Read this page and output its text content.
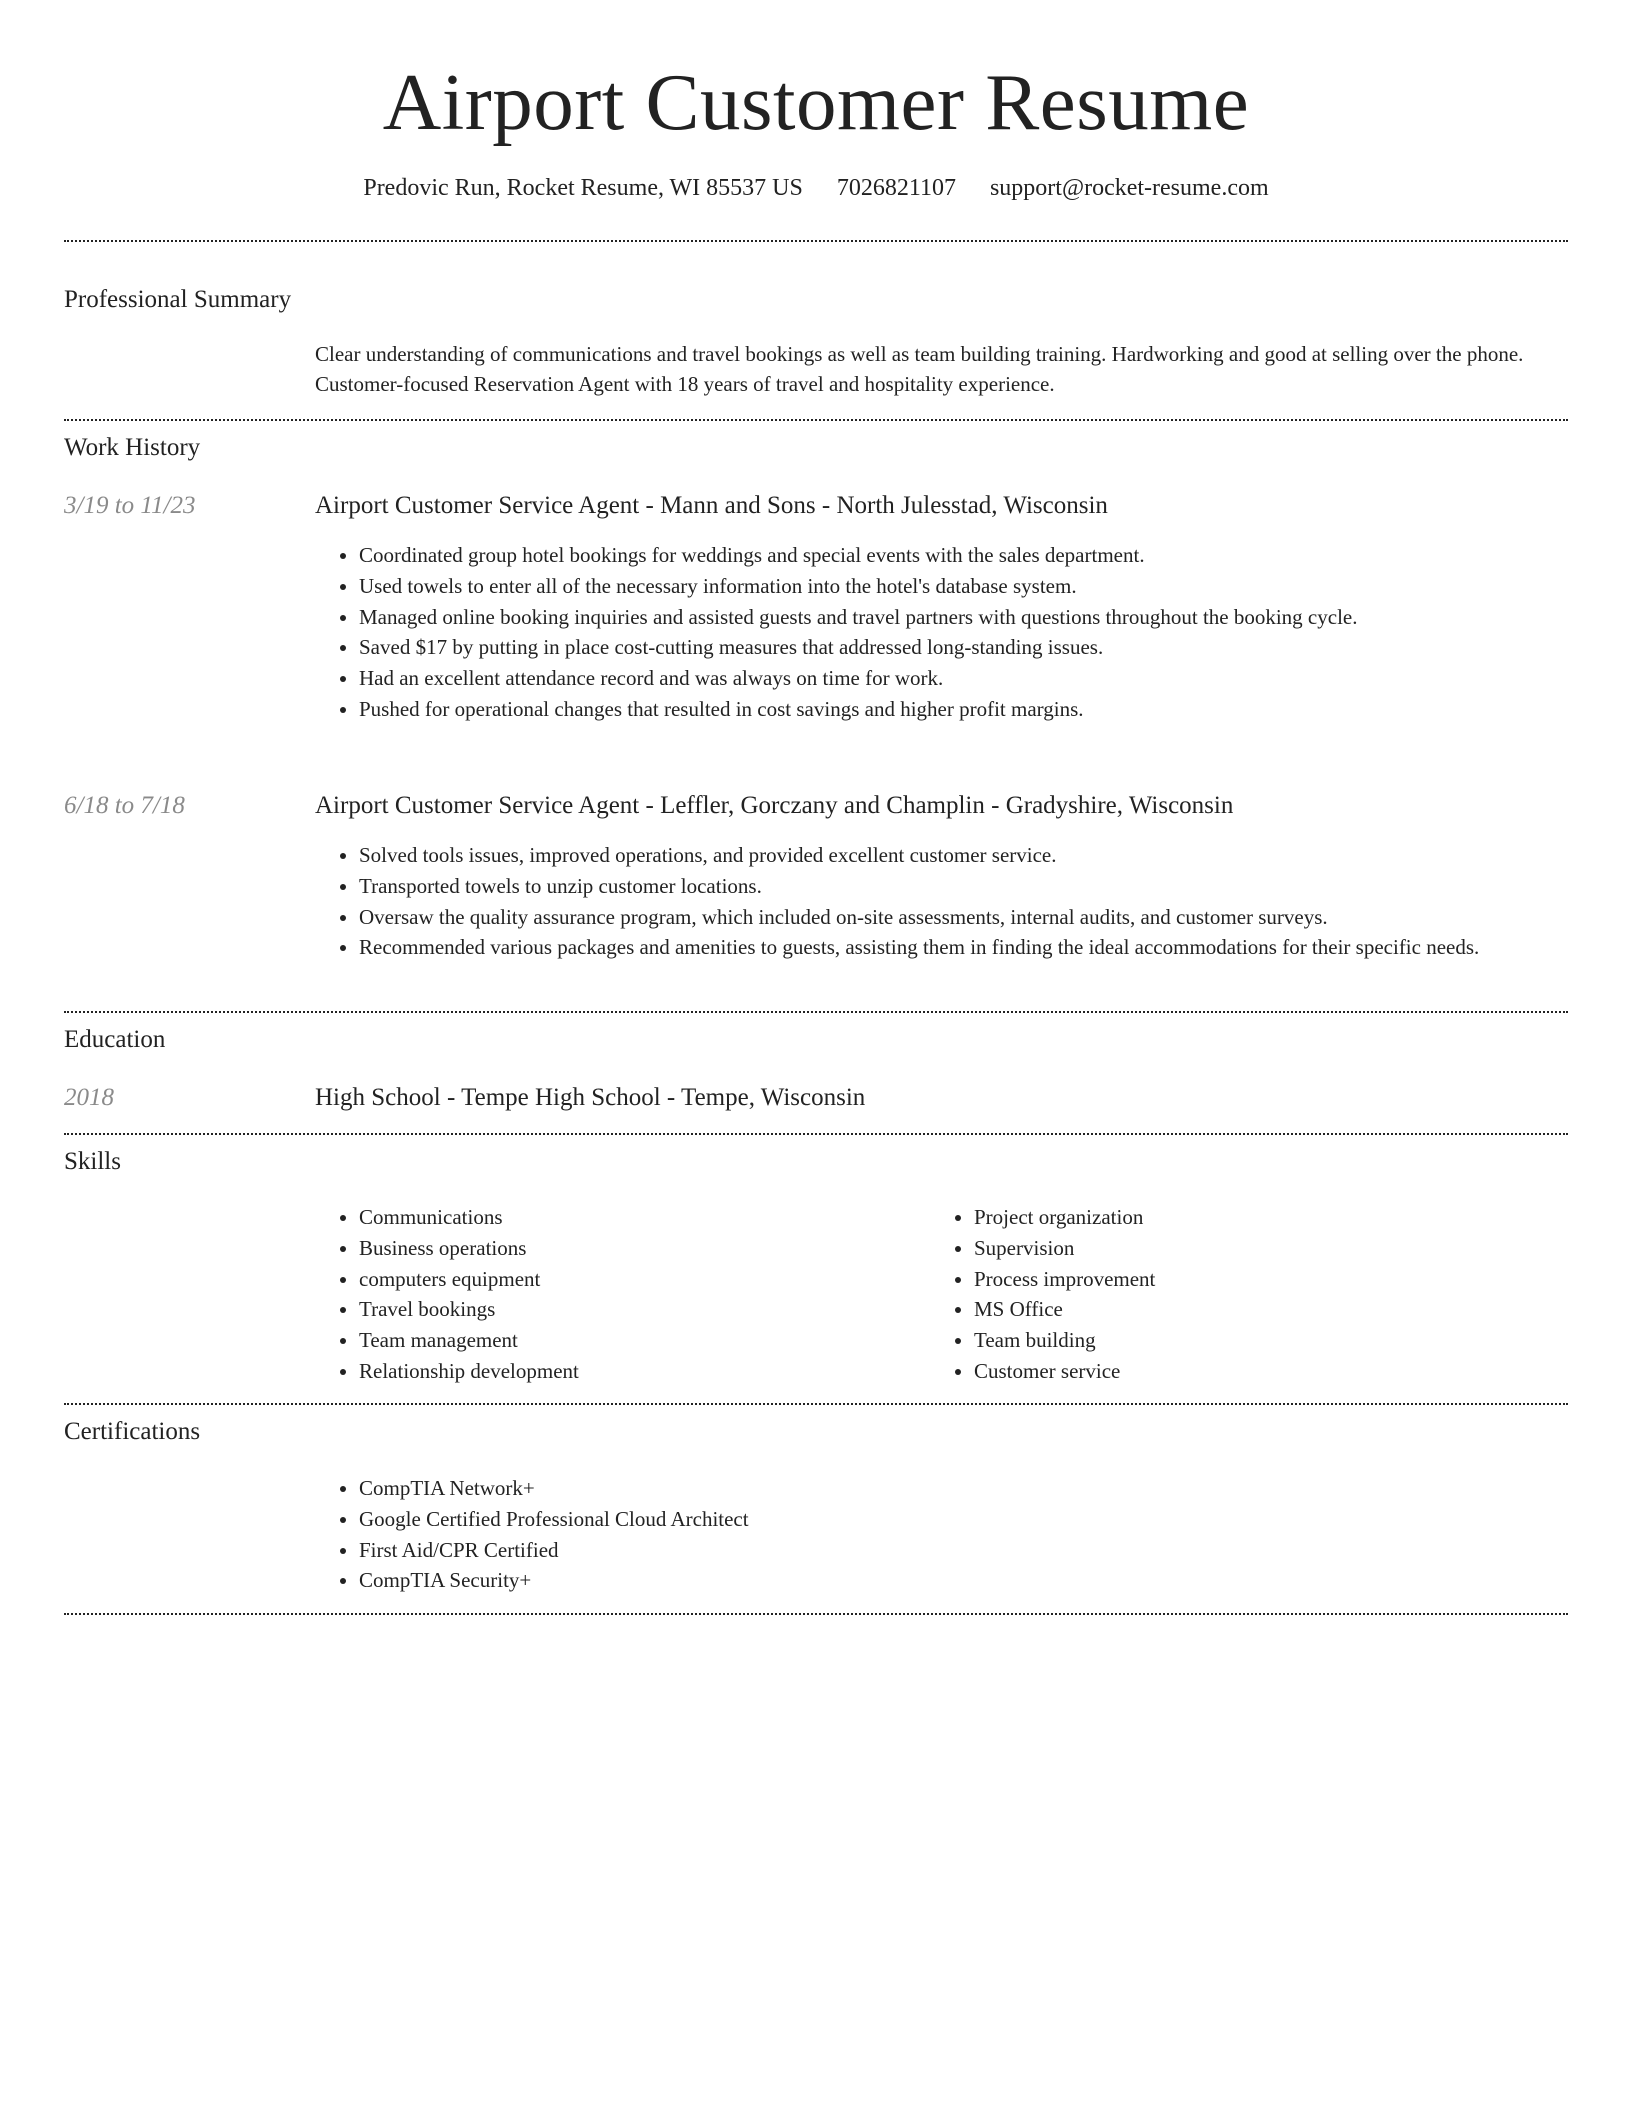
Airport Customer Resume
Predovic Run, Rocket Resume, WI 85537 US 7026821107 support@rocket-resume.com
Professional Summary
Clear understanding of communications and travel bookings as well as team building training. Hardworking and good at selling over the phone. Customer-focused Reservation Agent with 18 years of travel and hospitality experience.
Work History
3/19 to 11/23	Airport Customer Service Agent - Mann and Sons - North Julesstad, Wisconsin
• Coordinated group hotel bookings for weddings and special events with the sales department.
• Used towels to enter all of the necessary information into the hotel's database system.
• Managed online booking inquiries and assisted guests and travel partners with questions throughout the booking cycle.
• Saved $17 by putting in place cost-cutting measures that addressed long-standing issues.
• Had an excellent attendance record and was always on time for work.
• Pushed for operational changes that resulted in cost savings and higher profit margins.
6/18 to 7/18	Airport Customer Service Agent - Leffler, Gorczany and Champlin - Gradyshire, Wisconsin
• Solved tools issues, improved operations, and provided excellent customer service.
• Transported towels to unzip customer locations.
• Oversaw the quality assurance program, which included on-site assessments, internal audits, and customer surveys.
• Recommended various packages and amenities to guests, assisting them in finding the ideal accommodations for their specific needs.
Education
2018	High School - Tempe High School - Tempe, Wisconsin
Skills
• Communications
• Business operations
• computers equipment
• Travel bookings
• Team management
• Relationship development
• Project organization
• Supervision
• Process improvement
• MS Office
• Team building
• Customer service
Certifications
• CompTIA Network+
• Google Certified Professional Cloud Architect
• First Aid/CPR Certified
• CompTIA Security+
